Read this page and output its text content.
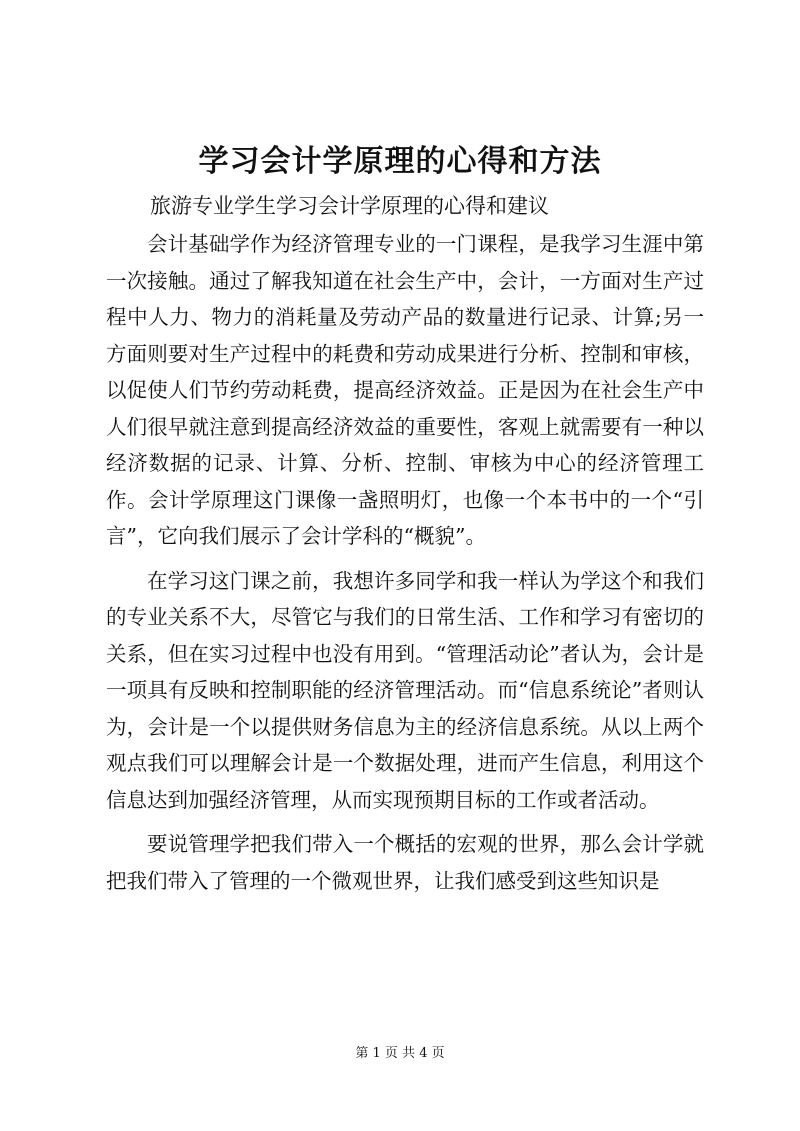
学习会计学原理的心得和方法
旅游专业学生学习会计学原理的心得和建议

会计基础学作为经济管理专业的一门课程，是我学习生涯中第一次接触。通过了解我知道在社会生产中，会计，一方面对生产过程中人力、物力的消耗量及劳动产品的数量进行记录、计算;另一方面则要对生产过程中的耗费和劳动成果进行分析、控制和审核，以促使人们节约劳动耗费，提高经济效益。正是因为在社会生产中人们很早就注意到提高经济效益的重要性，客观上就需要有一种以经济数据的记录、计算、分析、控制、审核为中心的经济管理工作。会计学原理这门课像一盏照明灯，也像一个本书中的一个“引言”，它向我们展示了会计学科的“概貌”。

在学习这门课之前，我想许多同学和我一样认为学这个和我们的专业关系不大，尽管它与我们的日常生活、工作和学习有密切的关系，但在实习过程中也没有用到。“管理活动论”者认为，会计是一项具有反映和控制职能的经济管理活动。而“信息系统论”者则认为，会计是一个以提供财务信息为主的经济信息系统。从以上两个观点我们可以理解会计是一个数据处理，进而产生信息，利用这个信息达到加强经济管理，从而实现预期目标的工作或者活动。

要说管理学把我们带入一个概括的宏观的世界，那么会计学就把我们带入了管理的一个微观世界，让我们感受到这些知识是

第 1 页 共 4 页
